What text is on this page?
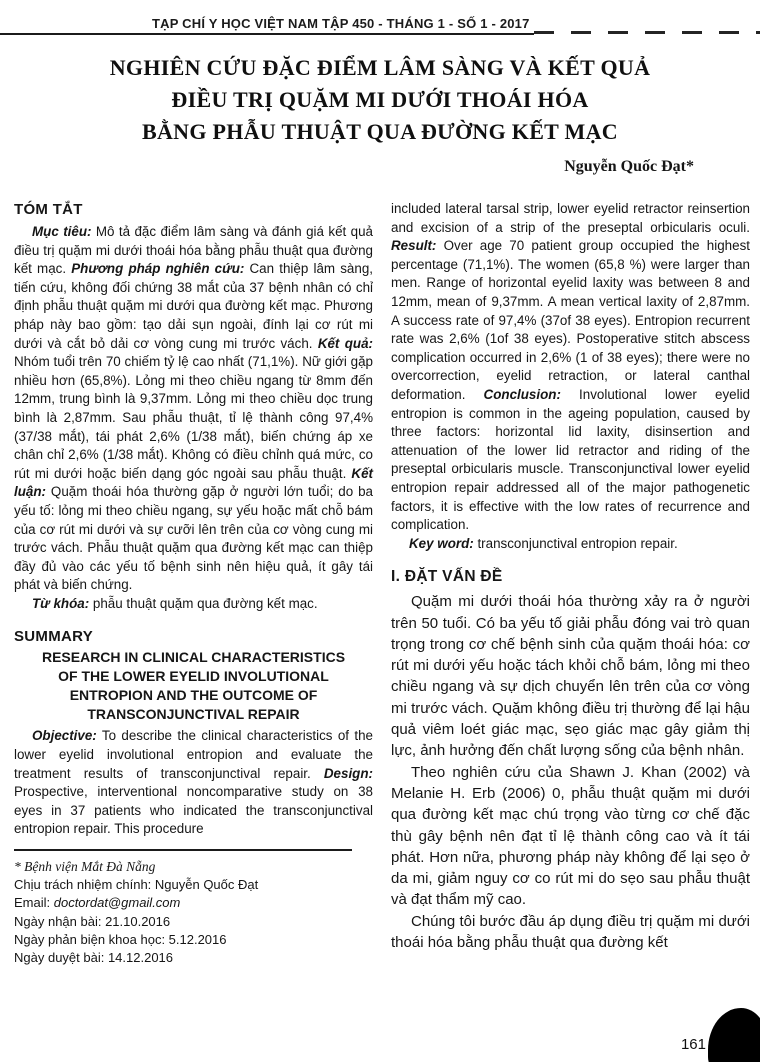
TẠP CHÍ Y HỌC VIỆT NAM TẬP 450 - THÁNG 1 - SỐ 1 - 2017
NGHIÊN CỨU ĐẶC ĐIỂM LÂM SÀNG VÀ KẾT QUẢ
ĐIỀU TRỊ QUẶM MI DƯỚI THOÁI HÓA
BẰNG PHẪU THUẬT QUA ĐƯỜNG KẾT MẠC
Nguyễn Quốc Đạt*
TÓM TẮT

Mục tiêu: Mô tả đặc điểm lâm sàng và đánh giá kết quả điều trị quặm mi dưới thoái hóa bằng phẫu thuật qua đường kết mạc. Phương pháp nghiên cứu: Can thiệp lâm sàng, tiến cứu, không đối chứng 38 mắt của 37 bệnh nhân có chỉ định phẫu thuật quặm mi dưới qua đường kết mạc. Phương pháp này bao gồm: tạo dải sụn ngoài, đính lại cơ rút mi dưới và cắt bỏ dải cơ vòng cung mi trước vách. Kết quả: Nhóm tuổi trên 70 chiếm tỷ lệ cao nhất (71,1%). Nữ giới gặp nhiều hơn (65,8%). Lỏng mi theo chiều ngang từ 8mm đến 12mm, trung bình là 9,37mm. Lỏng mi theo chiều dọc trung bình là 2,87mm. Sau phẫu thuật, tỉ lệ thành công 97,4% (37/38 mắt), tái phát 2,6% (1/38 mắt), biến chứng áp xe chân chỉ 2,6% (1/38 mắt). Không có điều chỉnh quá mức, co rút mi dưới hoặc biến dạng góc ngoài sau phẫu thuật. Kết luận: Quặm thoái hóa thường gặp ở người lớn tuổi; do ba yếu tố: lỏng mi theo chiều ngang, sự yếu hoặc mất chỗ bám của cơ rút mi dưới và sự cưỡi lên trên của cơ vòng cung mi trước vách. Phẫu thuật quặm qua đường kết mạc can thiệp đầy đủ vào các yếu tố bệnh sinh nên hiệu quả, ít gây tái phát và biến chứng.

Từ khóa: phẫu thuật quặm qua đường kết mạc.

SUMMARY
RESEARCH IN CLINICAL CHARACTERISTICS
OF THE LOWER EYELID INVOLUTIONAL
ENTROPION AND THE OUTCOME OF
TRANSCONJUNCTIVAL REPAIR

Objective: To describe the clinical characteristics of the lower eyelid involutional entropion and evaluate the treatment results of transconjunctival repair. Design: Prospective, interventional noncomparative study on 38 eyes in 37 patients who indicated the transconjunctival entropion repair. This procedure

* Bệnh viện Mắt Đà Nẵng
Chịu trách nhiệm chính: Nguyễn Quốc Đạt
Email: doctordat@gmail.com
Ngày nhận bài: 21.10.2016
Ngày phản biện khoa học: 5.12.2016
Ngày duyệt bài: 14.12.2016

included lateral tarsal strip, lower eyelid retractor reinsertion and excision of a strip of the preseptal orbicularis oculi. Result: Over age 70 patient group occupied the highest percentage (71,1%). The women (65,8 %) were larger than men. Range of horizontal eyelid laxity was between 8 and 12mm, mean of 9,37mm. A mean vertical laxity of 2,87mm. A success rate of 97,4% (37of 38 eyes). Entropion recurrent rate was 2,6% (1of 38 eyes). Postoperative stitch abscess complication occurred in 2,6% (1 of 38 eyes); there were no overcorrection, eyelid retraction, or lateral canthal deformation. Conclusion: Involutional lower eyelid entropion is common in the ageing population, caused by three factors: horizontal lid laxity, disinsertion and attenuation of the lower lid retractor and riding of the preseptal orbicularis muscle. Transconjunctival lower eyelid entropion repair addressed all of the major pathogenetic factors, it is effective with the low rates of recurrence and complication.

Key word: transconjunctival entropion repair.

I. ĐẶT VẤN ĐỀ

Quặm mi dưới thoái hóa thường xảy ra ở người trên 50 tuổi. Có ba yếu tố giải phẫu đóng vai trò quan trọng trong cơ chế bệnh sinh của quặm thoái hóa: cơ rút mi dưới yếu hoặc tách khỏi chỗ bám, lỏng mi theo chiều ngang và sự dịch chuyển lên trên của cơ vòng mi trước vách. Quặm không điều trị thường để lại hậu quả viêm loét giác mạc, sẹo giác mạc gây giảm thị lực, ảnh hưởng đến chất lượng sống của bệnh nhân.

Theo nghiên cứu của Shawn J. Khan (2002) và Melanie H. Erb (2006) 0, phẫu thuật quặm mi dưới qua đường kết mạc chú trọng vào từng cơ chế đặc thù gây bệnh nên đạt tỉ lệ thành công cao và ít tái phát. Hơn nữa, phương pháp này không để lại sẹo ở da mi, giảm nguy cơ co rút mi do sẹo sau phẫu thuật và đạt thẩm mỹ cao.

Chúng tôi bước đầu áp dụng điều trị quặm mi dưới thoái hóa bằng phẫu thuật qua đường kết

161
